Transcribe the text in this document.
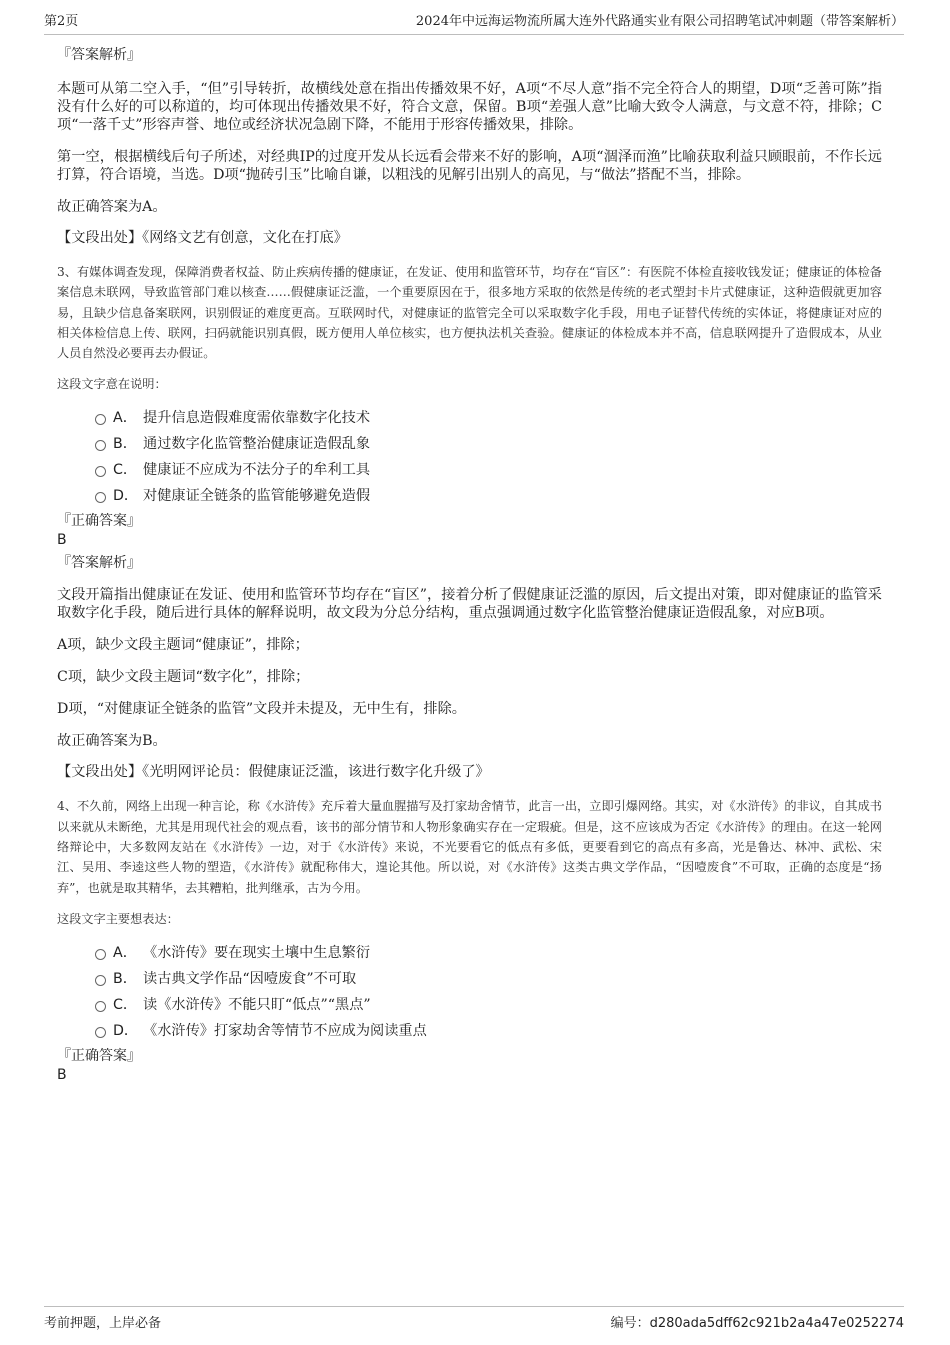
第2页	2024年中远海运物流所属大连外代路通实业有限公司招聘笔试冲刺题（带答案解析）

『答案解析』

本题可从第二空入手，“但”引导转折，故横线处意在指出传播效果不好，A项“不尽人意”指不完全符合人的期望，D项“乏善可陈”指没有什么好的可以称道的，均可体现出传播效果不好，符合文意，保留。B项“差强人意”比喻大致令人满意，与文意不符，排除；C项“一落千丈”形容声誉、地位或经济状况急剧下降，不能用于形容传播效果，排除。

第一空，根据横线后句子所述，对经典IP的过度开发从长远看会带来不好的影响，A项“涸泽而渔”比喻获取利益只顾眼前，不作长远打算，符合语境，当选。D项“抛砖引玉”比喻自谦，以粗浅的见解引出别人的高见，与“做法”搭配不当，排除。

故正确答案为A。

【文段出处】《网络文艺有创意，文化在打底》

3、有媒体调查发现，保障消费者权益、防止疾病传播的健康证，在发证、使用和监管环节，均存在“盲区”：有医院不体检直接收钱发证；健康证的体检备案信息未联网，导致监管部门难以核查……假健康证泛滥，一个重要原因在于，很多地方采取的依然是传统的老式塑封卡片式健康证，这种造假就更加容易，且缺少信息备案联网，识别假证的难度更高。互联网时代，对健康证的监管完全可以采取数字化手段，用电子证替代传统的实体证，将健康证对应的相关体检信息上传、联网，扫码就能识别真假，既方便用人单位核实，也方便执法机关查验。健康证的体检成本并不高，信息联网提升了造假成本，从业人员自然没必要再去办假证。

这段文字意在说明：

A． 提升信息造假难度需依靠数字化技术
B． 通过数字化监管整治健康证造假乱象
C． 健康证不应成为不法分子的牟利工具
D． 对健康证全链条的监管能够避免造假

『正确答案』

B

『答案解析』

文段开篇指出健康证在发证、使用和监管环节均存在“盲区”，接着分析了假健康证泛滥的原因，后文提出对策，即对健康证的监管采取数字化手段，随后进行具体的解释说明，故文段为分总分结构，重点强调通过数字化监管整治健康证造假乱象，对应B项。

A项，缺少文段主题词“健康证”，排除；

C项，缺少文段主题词“数字化”，排除；

D项，“对健康证全链条的监管”文段并未提及，无中生有，排除。

故正确答案为B。

【文段出处】《光明网评论员：假健康证泛滥，该进行数字化升级了》

4、不久前，网络上出现一种言论，称《水浒传》充斥着大量血腥描写及打家劫舍情节，此言一出，立即引爆网络。其实，对《水浒传》的非议，自其成书以来就从未断绝，尤其是用现代社会的观点看，该书的部分情节和人物形象确实存在一定瑕疵。但是，这不应该成为否定《水浒传》的理由。在这一轮网络辩论中，大多数网友站在《水浒传》一边，对于《水浒传》来说，不光要看它的低点有多低，更要看到它的高点有多高，光是鲁达、林冲、武松、宋江、吴用、李逵这些人物的塑造，《水浒传》就配称伟大，遑论其他。所以说，对《水浒传》这类古典文学作品，“因噎废食”不可取，正确的态度是“扬弃”，也就是取其精华，去其糟粕，批判继承，古为今用。

这段文字主要想表达：

A． 《水浒传》要在现实土壤中生息繁衍
B． 读古典文学作品“因噎废食”不可取
C． 读《水浒传》不能只盯“低点”“黑点”
D． 《水浒传》打家劫舍等情节不应成为阅读重点

『正确答案』

B

考前押题，上岸必备	编号：d280ada5dff62c921b2a4a47e0252274
